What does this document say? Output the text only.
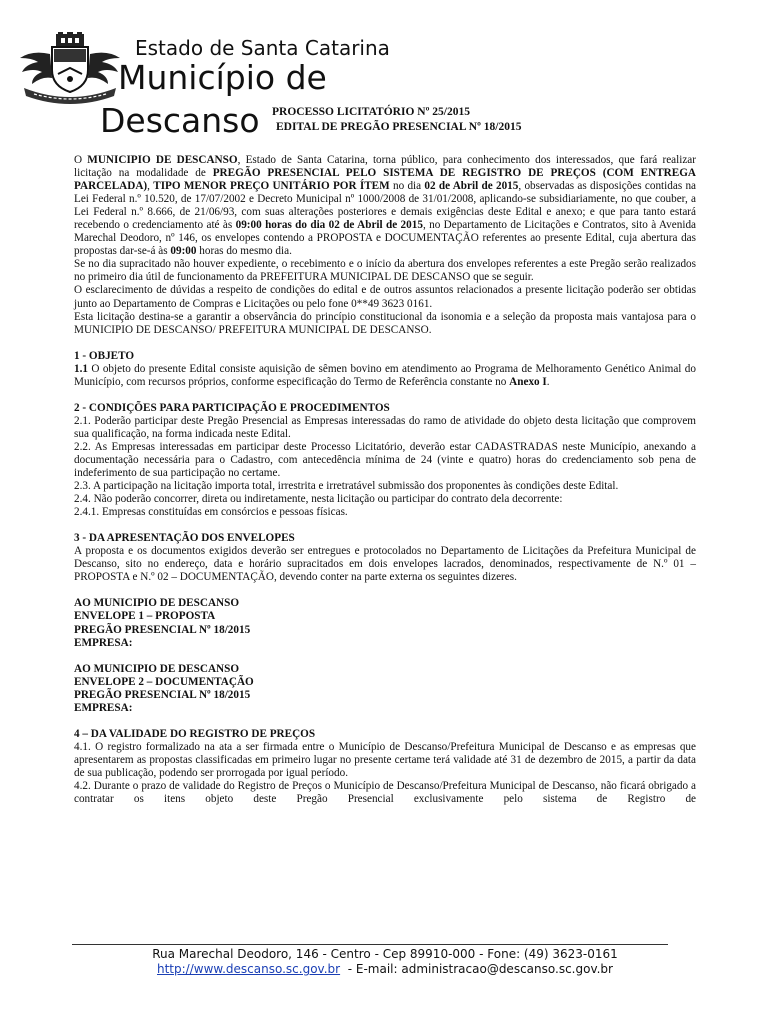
Estado de Santa Catarina
Município de
Descanso PROCESSO LICITATÓRIO Nº 25/2015
EDITAL DE PREGÃO PRESENCIAL Nº 18/2015

O MUNICIPIO DE DESCANSO, Estado de Santa Catarina, torna público, para conhecimento dos interessados, que fará realizar licitação na modalidade de PREGÃO PRESENCIAL PELO SISTEMA DE REGISTRO DE PREÇOS (COM ENTREGA PARCELADA), TIPO MENOR PREÇO UNITÁRIO POR ÍTEM no dia 02 de Abril de 2015, observadas as disposições contidas na Lei Federal n.º 10.520, de 17/07/2002 e Decreto Municipal nº 1000/2008 de 31/01/2008, aplicando-se subsidiariamente, no que couber, a Lei Federal n.º 8.666, de 21/06/93, com suas alterações posteriores e demais exigências deste Edital e anexo; e que para tanto estará recebendo o credenciamento até às 09:00 horas do dia 02 de Abril de 2015, no Departamento de Licitações e Contratos, sito à Avenida Marechal Deodoro, nº 146, os envelopes contendo a PROPOSTA e DOCUMENTAÇÃO referentes ao presente Edital, cuja abertura das propostas dar-se-á às 09:00 horas do mesmo dia.

Se no dia supracitado não houver expediente, o recebimento e o início da abertura dos envelopes referentes a este Pregão serão realizados no primeiro dia útil de funcionamento da PREFEITURA MUNICIPAL DE DESCANSO que se seguir.

O esclarecimento de dúvidas a respeito de condições do edital e de outros assuntos relacionados a presente licitação poderão ser obtidas junto ao Departamento de Compras e Licitações ou pelo fone 0**49 3623 0161.

Esta licitação destina-se a garantir a observância do princípio constitucional da isonomia e a seleção da proposta mais vantajosa para o MUNICIPIO DE DESCANSO/ PREFEITURA MUNICIPAL DE DESCANSO.

1 - OBJETO

1.1 O objeto do presente Edital consiste aquisição de sêmen bovino em atendimento ao Programa de Melhoramento Genético Animal do Município, com recursos próprios, conforme especificação do Termo de Referência constante no Anexo I.

2 - CONDIÇÕES PARA PARTICIPAÇÃO E PROCEDIMENTOS

2.1. Poderão participar deste Pregão Presencial as Empresas interessadas do ramo de atividade do objeto desta licitação que comprovem sua qualificação, na forma indicada neste Edital.

2.2. As Empresas interessadas em participar deste Processo Licitatório, deverão estar CADASTRADAS neste Município, anexando a documentação necessária para o Cadastro, com antecedência mínima de 24 (vinte e quatro) horas do credenciamento sob pena de indeferimento de sua participação no certame.

2.3. A participação na licitação importa total, irrestrita e irretratável submissão dos proponentes às condições deste Edital.

2.4. Não poderão concorrer, direta ou indiretamente, nesta licitação ou participar do contrato dela decorrente:

2.4.1. Empresas constituídas em consórcios e pessoas físicas.

3 - DA APRESENTAÇÃO DOS ENVELOPES

A proposta e os documentos exigidos deverão ser entregues e protocolados no Departamento de Licitações da Prefeitura Municipal de Descanso, sito no endereço, data e horário supracitados em dois envelopes lacrados, denominados, respectivamente de N.º 01 – PROPOSTA e N.º 02 – DOCUMENTAÇÃO, devendo conter na parte externa os seguintes dizeres.

AO MUNICIPIO DE DESCANSO

ENVELOPE 1 – PROPOSTA

PREGÃO PRESENCIAL Nº 18/2015

EMPRESA:

AO MUNICIPIO DE DESCANSO

ENVELOPE 2 – DOCUMENTAÇÃO

PREGÃO PRESENCIAL Nº 18/2015

EMPRESA:

4 – DA VALIDADE DO REGISTRO DE PREÇOS

4.1. O registro formalizado na ata a ser firmada entre o Município de Descanso/Prefeitura Municipal de Descanso e as empresas que apresentarem as propostas classificadas em primeiro lugar no presente certame terá validade até 31 de dezembro de 2015, a partir da data de sua publicação, podendo ser prorrogada por igual período.

4.2. Durante o prazo de validade do Registro de Preços o Município de Descanso/Prefeitura Municipal de Descanso, não ficará obrigado a contratar os itens objeto deste Pregão Presencial exclusivamente pelo sistema de Registro de

Rua Marechal Deodoro, 146 - Centro - Cep 89910-000 - Fone: (49) 3623-0161
http://www.descanso.sc.gov.br  - E-mail: administracao@descanso.sc.gov.br
